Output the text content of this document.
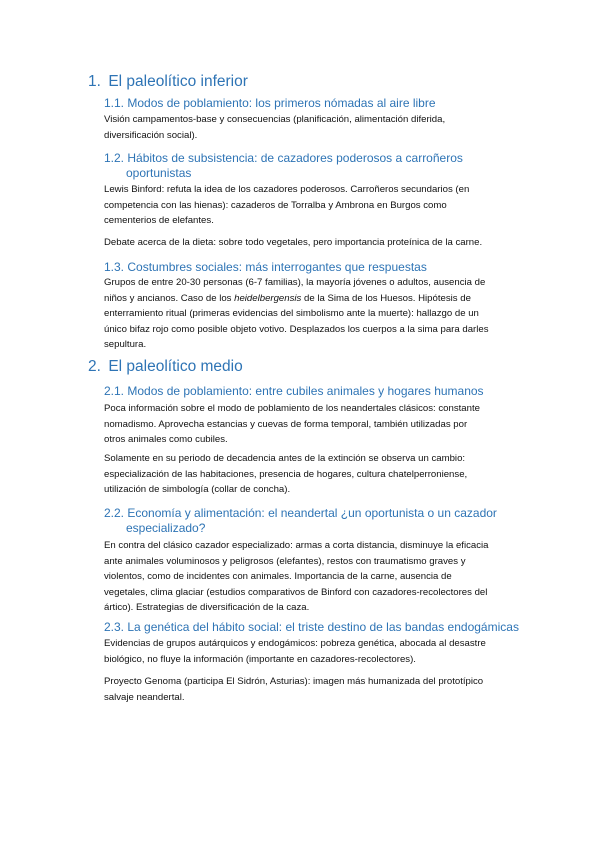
1. El paleolítico inferior
1.1. Modos de poblamiento: los primeros nómadas al aire libre
Visión campamentos-base y consecuencias (planificación, alimentación diferida,
diversificación social).
1.2. Hábitos de subsistencia: de cazadores poderosos a carroñeros
oportunistas
Lewis Binford: refuta la idea de los cazadores poderosos. Carroñeros secundarios (en
competencia con las hienas): cazaderos de Torralba y Ambrona en Burgos como
cementerios de elefantes.
Debate acerca de la dieta: sobre todo vegetales, pero importancia proteínica de la carne.
1.3. Costumbres sociales: más interrogantes que respuestas
Grupos de entre 20-30 personas (6-7 familias), la mayoría jóvenes o adultos, ausencia de
niños y ancianos. Caso de los heidelbergensis de la Sima de los Huesos. Hipótesis de
enterramiento ritual (primeras evidencias del simbolismo ante la muerte): hallazgo de un
único bifaz rojo como posible objeto votivo. Desplazados los cuerpos a la sima para darles
sepultura.
2. El paleolítico medio
2.1. Modos de poblamiento: entre cubiles animales y hogares humanos
Poca información sobre el modo de poblamiento de los neandertales clásicos: constante
nomadismo. Aprovecha estancias y cuevas de forma temporal, también utilizadas por
otros animales como cubiles.
Solamente en su periodo de decadencia antes de la extinción se observa un cambio:
especialización de las habitaciones, presencia de hogares, cultura chatelperroniense,
utilización de simbología (collar de concha).
2.2. Economía y alimentación: el neandertal ¿un oportunista o un cazador
especializado?
En contra del clásico cazador especializado: armas a corta distancia, disminuye la eficacia
ante animales voluminosos y peligrosos (elefantes), restos con traumatismo graves y
violentos, como de incidentes con animales. Importancia de la carne, ausencia de
vegetales, clima glaciar (estudios comparativos de Binford con cazadores-recolectores del
ártico). Estrategias de diversificación de la caza.
2.3. La genética del hábito social: el triste destino de las bandas endogámicas
Evidencias de grupos autárquicos y endogámicos: pobreza genética, abocada al desastre
biológico, no fluye la información (importante en cazadores-recolectores).
Proyecto Genoma (participa El Sidrón, Asturias): imagen más humanizada del prototípico
salvaje neandertal.
